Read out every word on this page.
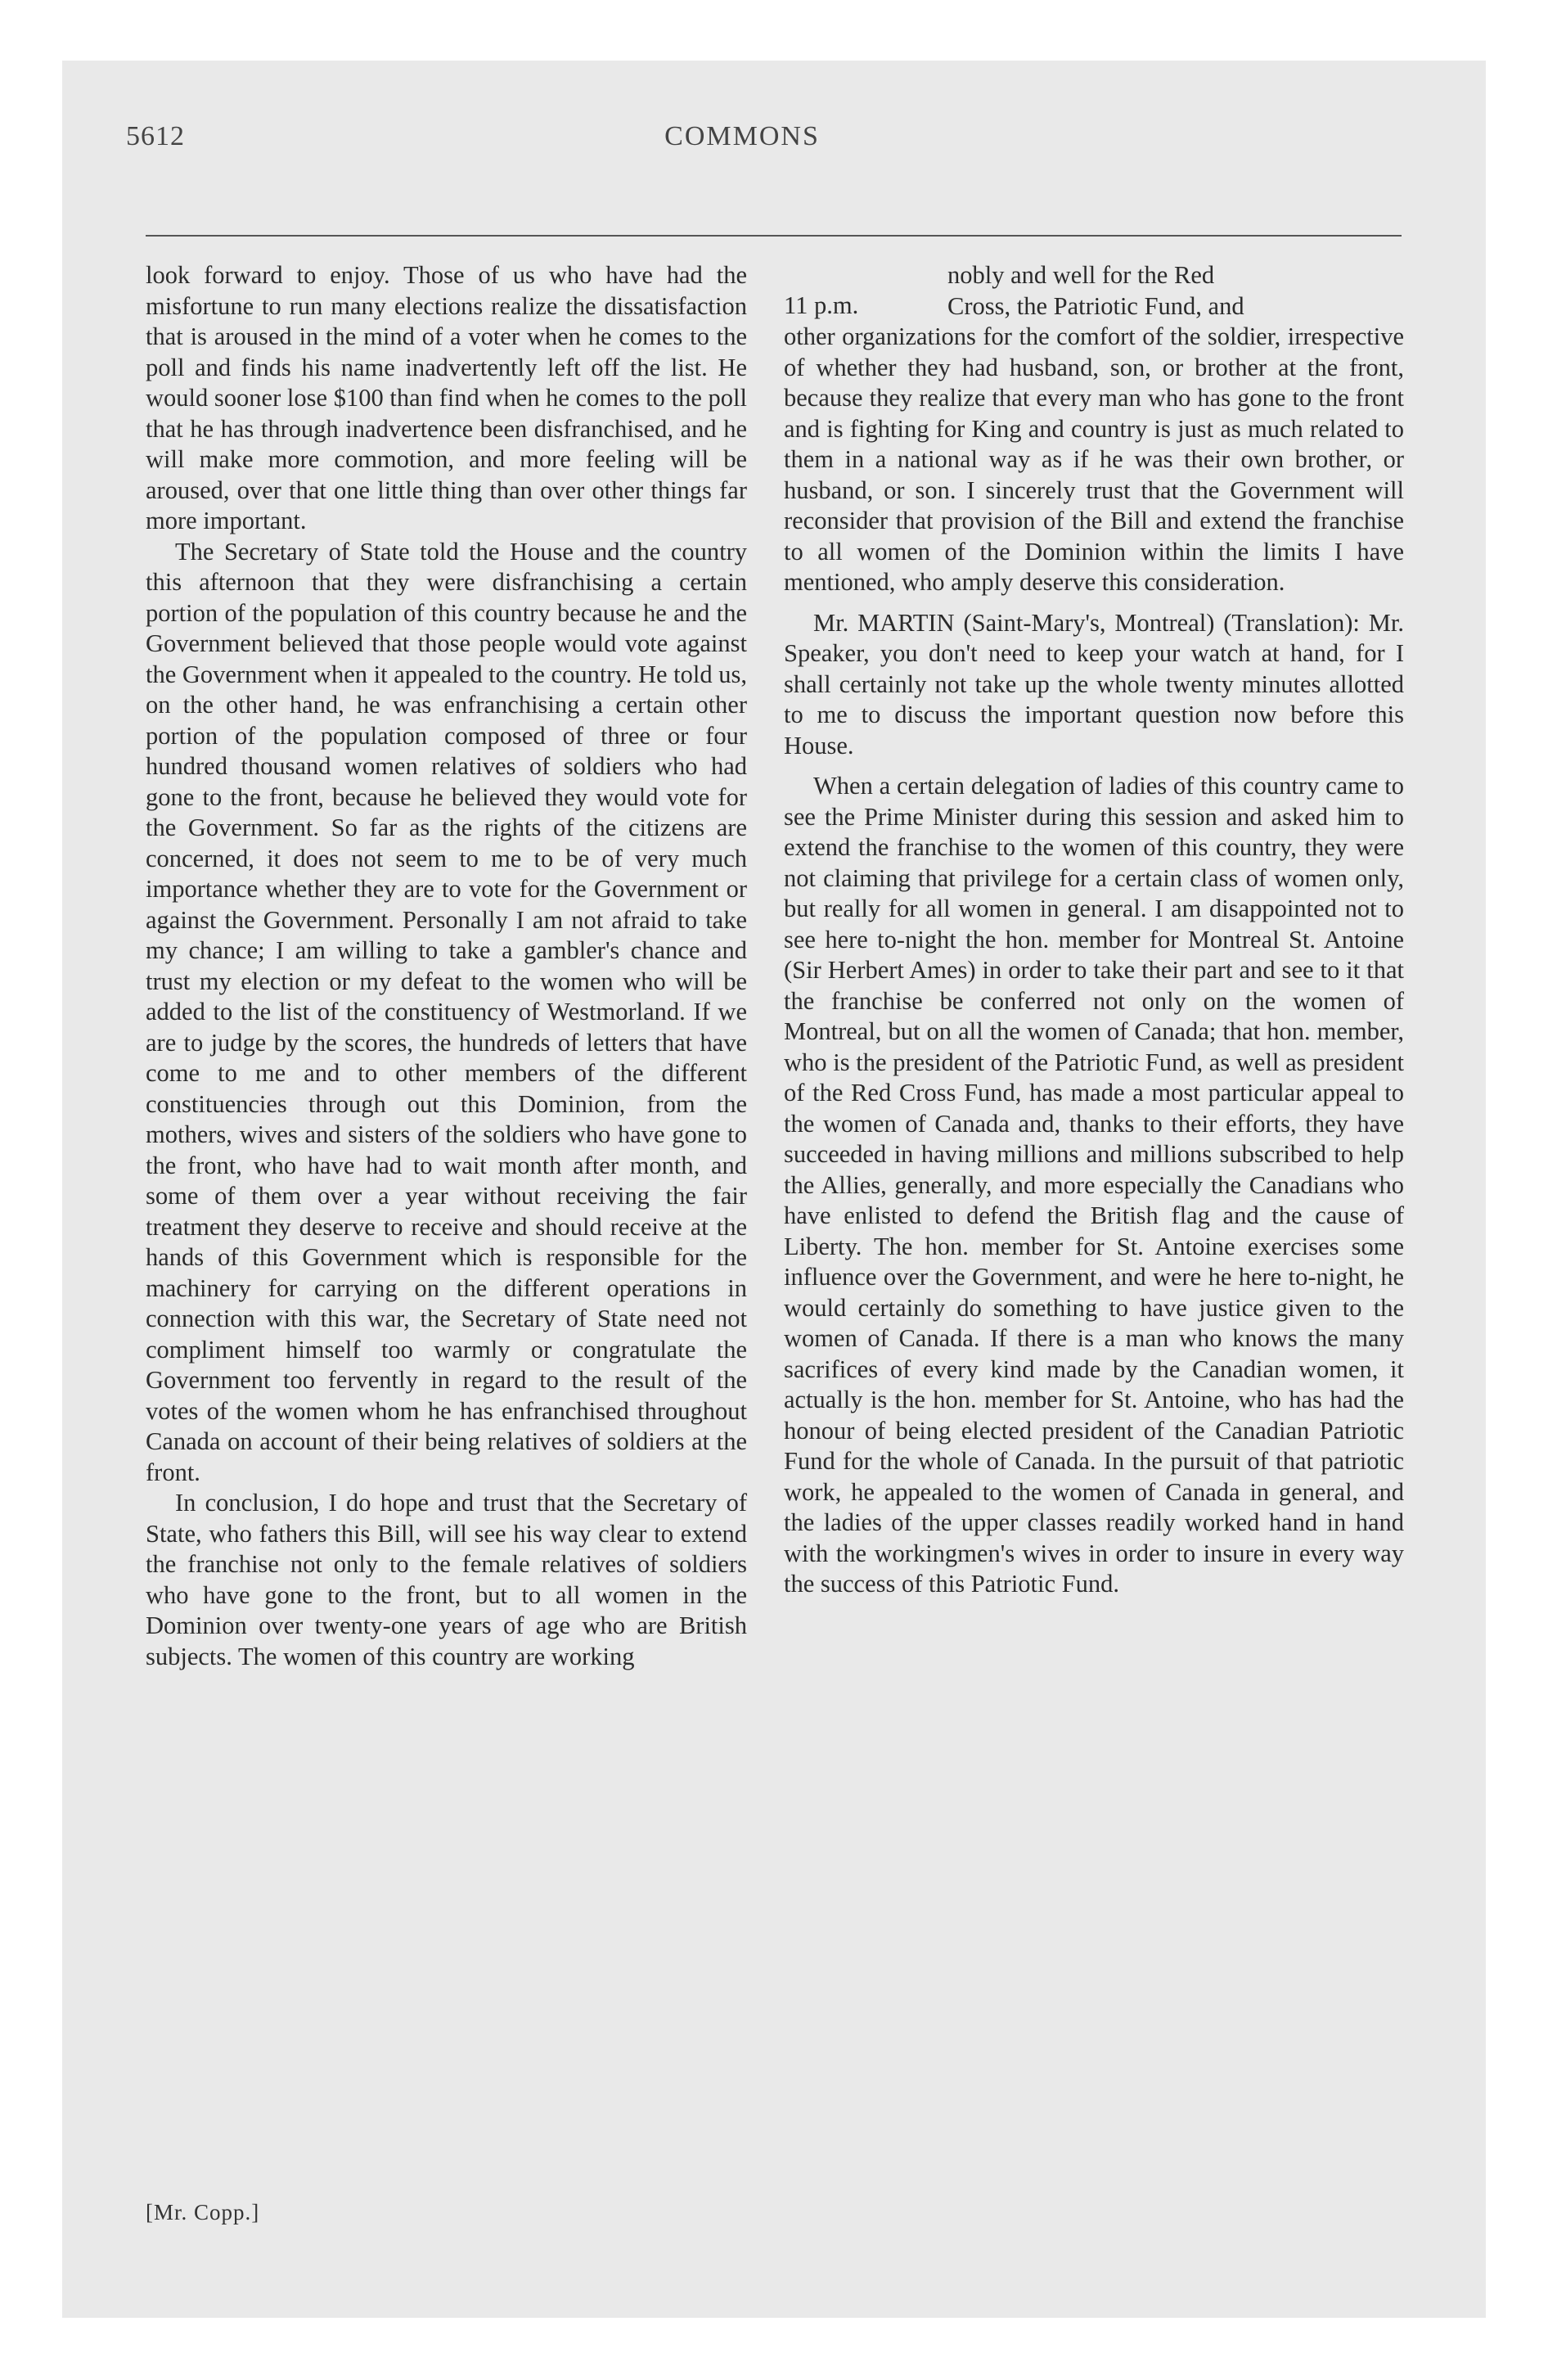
5612	COMMONS

look forward to enjoy. Those of us who have had the misfortune to run many elections realize the dissatisfaction that is aroused in the mind of a voter when he comes to the poll and finds his name inadvertently left off the list. He would sooner lose $100 than find when he comes to the poll that he has through inadvertence been disfranchised, and he will make more commotion, and more feeling will be aroused, over that one little thing than over other things far more important.

The Secretary of State told the House and the country this afternoon that they were disfranchising a certain portion of the population of this country because he and the Government believed that those people would vote against the Government when it appealed to the country. He told us, on the other hand, he was enfranchising a certain other portion of the population composed of three or four hundred thousand women relatives of soldiers who had gone to the front, because he believed they would vote for the Government. So far as the rights of the citizens are concerned, it does not seem to me to be of very much importance whether they are to vote for the Government or against the Government. Personally I am not afraid to take my chance; I am willing to take a gambler's chance and trust my election or my defeat to the women who will be added to the list of the constituency of Westmorland. If we are to judge by the scores, the hundreds of letters that have come to me and to other members of the different constituencies through out this Dominion, from the mothers, wives and sisters of the soldiers who have gone to the front, who have had to wait month after month, and some of them over a year without receiving the fair treatment they deserve to receive and should receive at the hands of this Government which is responsible for the machinery for carrying on the different operations in connection with this war, the Secretary of State need not compliment himself too warmly or congratulate the Government too fervently in regard to the result of the votes of the women whom he has enfranchised throughout Canada on account of their being relatives of soldiers at the front.

In conclusion, I do hope and trust that the Secretary of State, who fathers this Bill, will see his way clear to extend the franchise not only to the female relatives of soldiers who have gone to the front, but to all women in the Dominion over twenty-one years of age who are British subjects. The women of this country are working

nobly and well for the Red
Cross, the Patriotic Fund, and
11 p.m.
other organizations for the comfort of the soldier, irrespective of whether they had husband, son, or brother at the front, because they realize that every man who has gone to the front and is fighting for King and country is just as much related to them in a national way as if he was their own brother, or husband, or son. I sincerely trust that the Government will reconsider that provision of the Bill and extend the franchise to all women of the Dominion within the limits I have mentioned, who amply deserve this consideration.

Mr. MARTIN (Saint-Mary's, Montreal) (Translation): Mr. Speaker, you don't need to keep your watch at hand, for I shall certainly not take up the whole twenty minutes allotted to me to discuss the important question now before this House.

When a certain delegation of ladies of this country came to see the Prime Minister during this session and asked him to extend the franchise to the women of this country, they were not claiming that privilege for a certain class of women only, but really for all women in general. I am disappointed not to see here to-night the hon. member for Montreal St. Antoine (Sir Herbert Ames) in order to take their part and see to it that the franchise be conferred not only on the women of Montreal, but on all the women of Canada; that hon. member, who is the president of the Patriotic Fund, as well as president of the Red Cross Fund, has made a most particular appeal to the women of Canada and, thanks to their efforts, they have succeeded in having millions and millions subscribed to help the Allies, generally, and more especially the Canadians who have enlisted to defend the British flag and the cause of Liberty. The hon. member for St. Antoine exercises some influence over the Government, and were he here to-night, he would certainly do something to have justice given to the women of Canada. If there is a man who knows the many sacrifices of every kind made by the Canadian women, it actually is the hon. member for St. Antoine, who has had the honour of being elected president of the Canadian Patriotic Fund for the whole of Canada. In the pursuit of that patriotic work, he appealed to the women of Canada in general, and the ladies of the upper classes readily worked hand in hand with the workingmen's wives in order to insure in every way the success of this Patriotic Fund.

[Mr. Copp.]
